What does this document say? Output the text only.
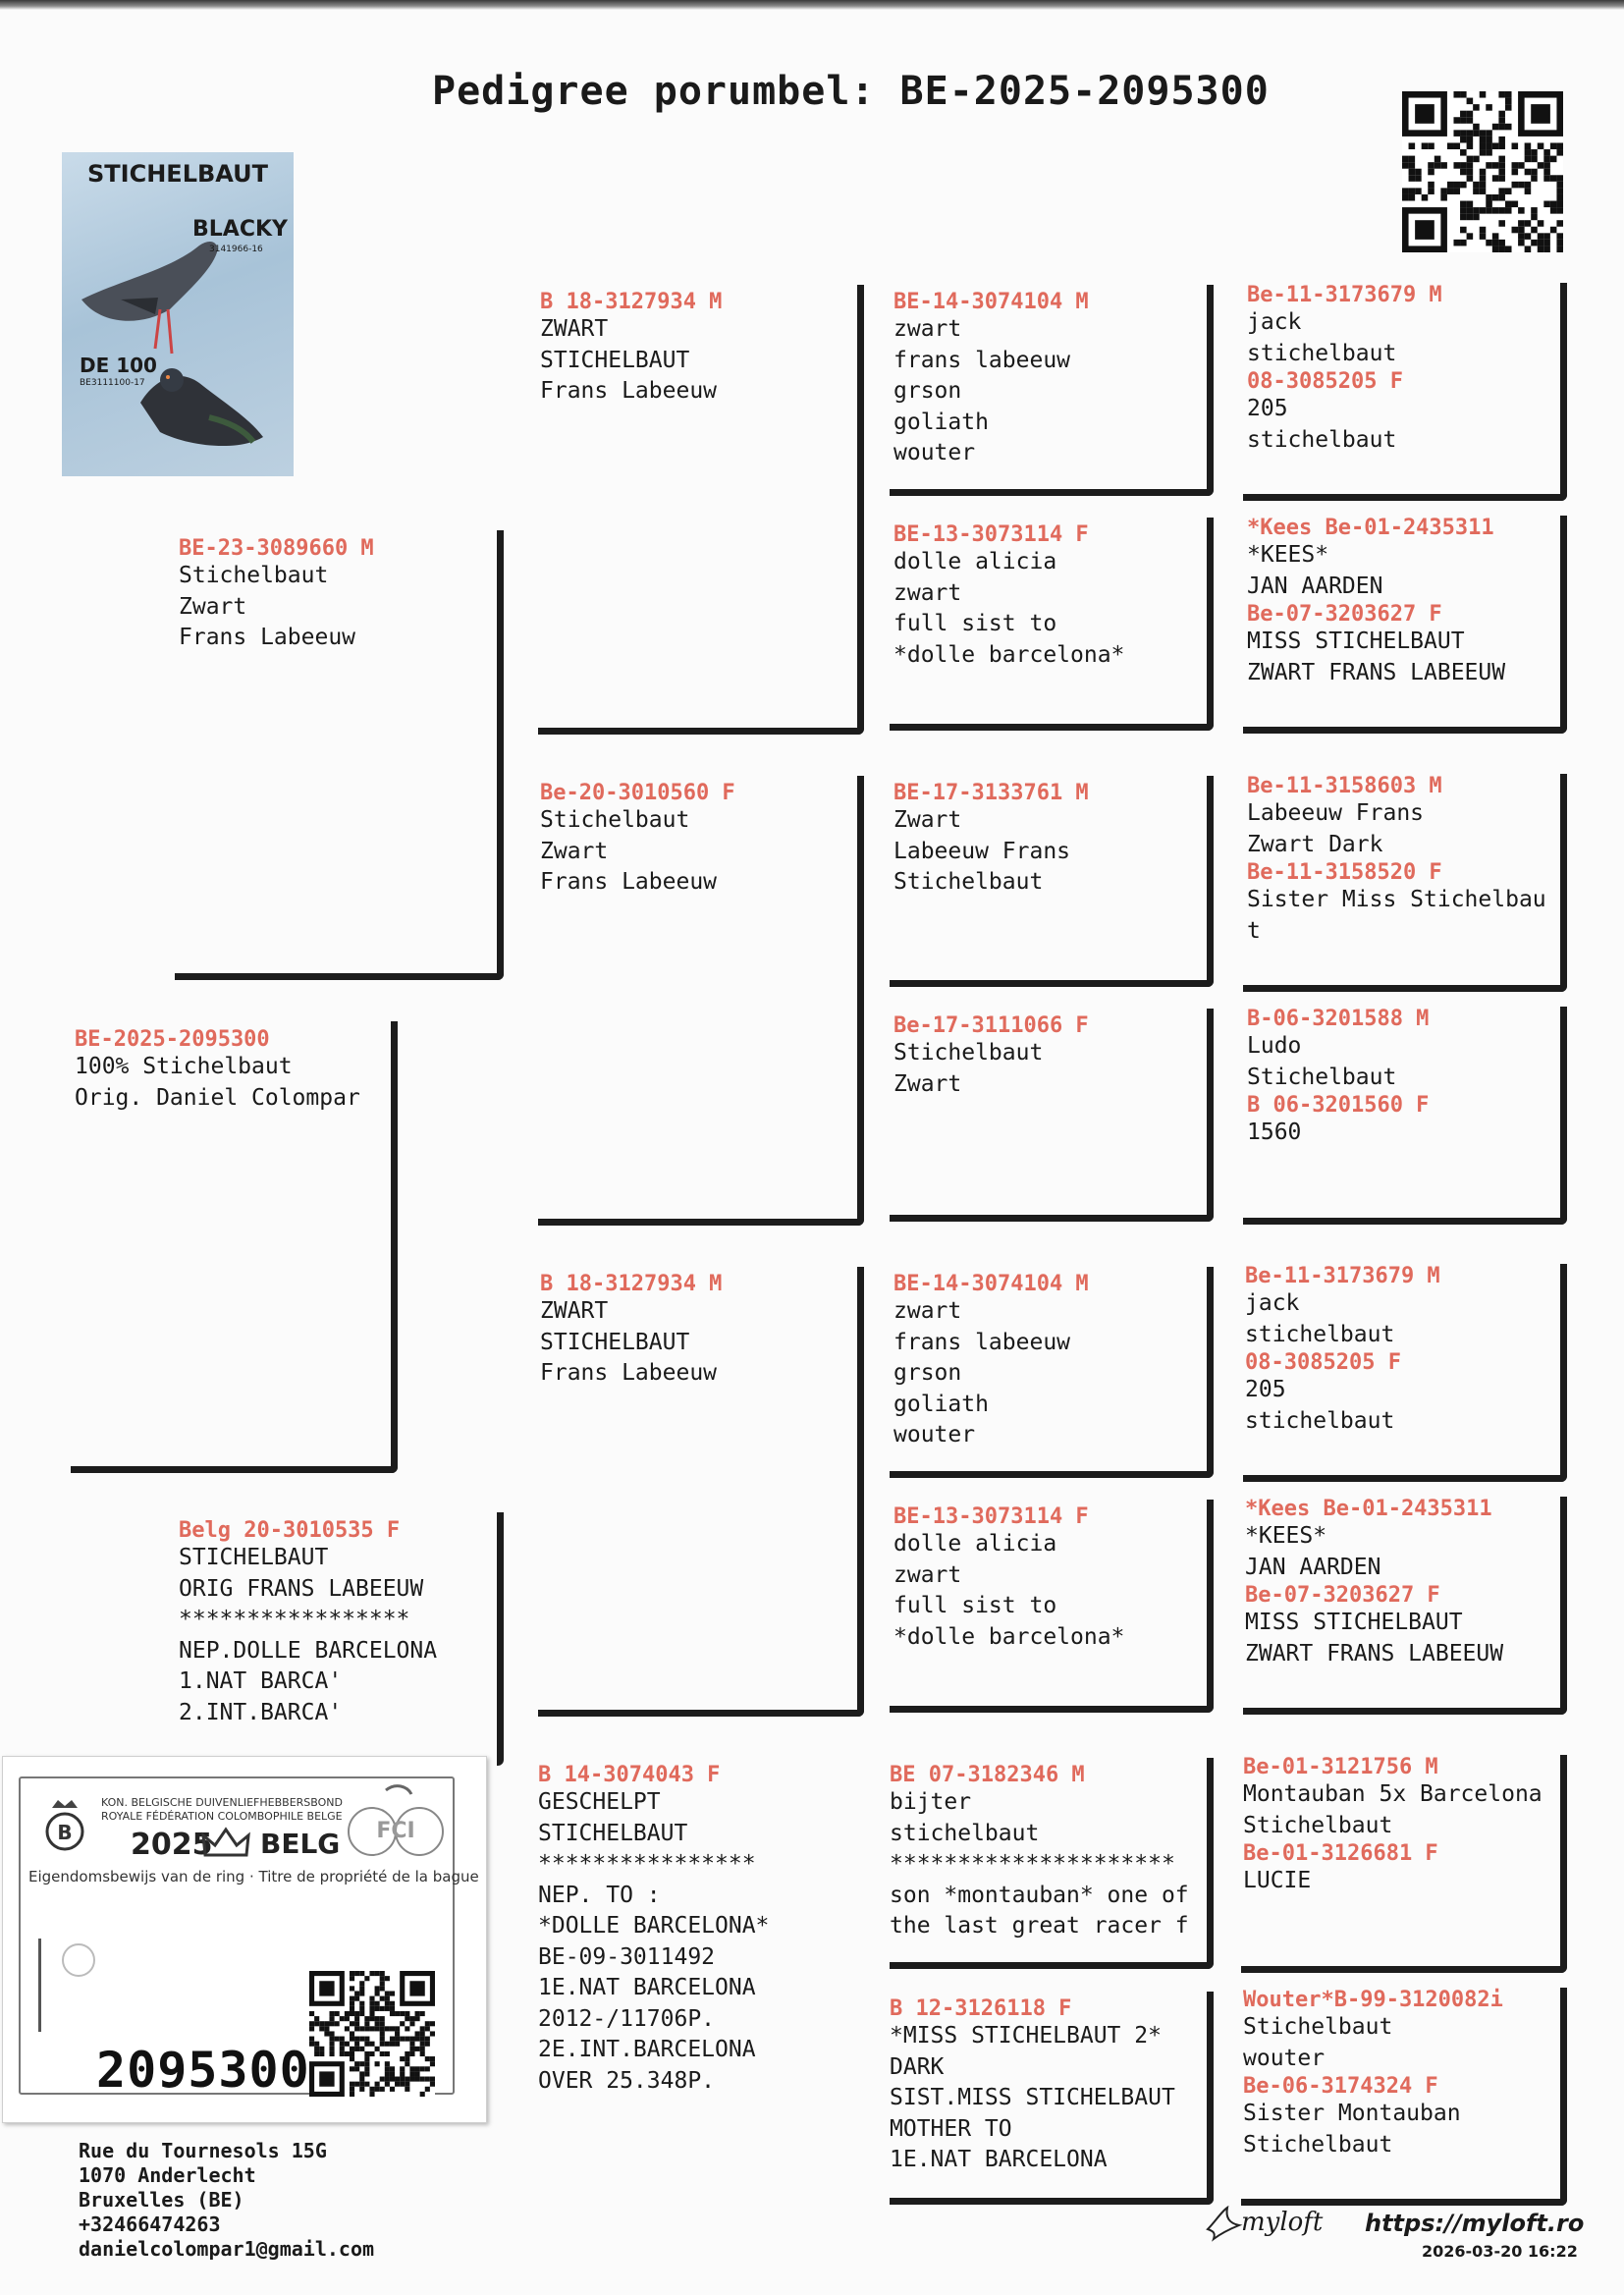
Pedigree porumbel: BE-2025-2095300
STICHELBAUT
BLACKY
3141966-16
DE 100
BE3111100-17
BE-2025-2095300
100% Stichelbaut
Orig. Daniel Colompar
BE-23-3089660 M
Stichelbaut
Zwart
Frans Labeeuw
Belg 20-3010535 F
STICHELBAUT
ORIG FRANS LABEEUW
*****************
NEP.DOLLE BARCELONA
1.NAT BARCA'
2.INT.BARCA'
B 18-3127934 M
ZWART
STICHELBAUT
Frans Labeeuw
Be-20-3010560 F
Stichelbaut
Zwart
Frans Labeeuw
B 18-3127934 M
ZWART
STICHELBAUT
Frans Labeeuw
B 14-3074043 F
GESCHELPT
STICHELBAUT
****************
NEP. TO :
*DOLLE BARCELONA*
BE-09-3011492
1E.NAT BARCELONA
2012-/11706P.
2E.INT.BARCELONA
OVER 25.348P.
BE-14-3074104 M
zwart
frans labeeuw
grson
goliath
wouter
BE-13-3073114 F
dolle alicia
zwart
full sist to
*dolle barcelona*
BE-17-3133761 M
Zwart
Labeeuw Frans
Stichelbaut
Be-17-3111066 F
Stichelbaut
Zwart
BE-14-3074104 M
zwart
frans labeeuw
grson
goliath
wouter
BE-13-3073114 F
dolle alicia
zwart
full sist to
*dolle barcelona*
BE 07-3182346 M
bijter
stichelbaut
*********************
son *montauban* one of
the last great racer f
B 12-3126118 F
*MISS STICHELBAUT 2*
DARK
SIST.MISS STICHELBAUT
MOTHER TO
1E.NAT BARCELONA
Be-11-3173679 M
jack
stichelbaut
08-3085205 F
205
stichelbaut
*Kees Be-01-2435311
*KEES*
JAN AARDEN
Be-07-3203627 F
MISS STICHELBAUT
ZWART FRANS LABEEUW
Be-11-3158603 M
Labeeuw Frans
Zwart Dark
Be-11-3158520 F
Sister Miss Stichelbau
t
B-06-3201588 M
Ludo
Stichelbaut
B 06-3201560 F
1560
Be-11-3173679 M
jack
stichelbaut
08-3085205 F
205
stichelbaut
*Kees Be-01-2435311
*KEES*
JAN AARDEN
Be-07-3203627 F
MISS STICHELBAUT
ZWART FRANS LABEEUW
Be-01-3121756 M
Montauban 5x Barcelona
Stichelbaut
Be-01-3126681 F
LUCIE
Wouter*B-99-3120082i
Stichelbaut
wouter
Be-06-3174324 F
Sister Montauban
Stichelbaut
B
KON. BELGISCHE DUIVENLIEFHEBBERSBOND
ROYALE FÉDÉRATION COLOMBOPHILE BELGE
2025 BELG FCI
Eigendomsbewijs van de ring · Titre de propriété de la bague
2095300
Rue du Tournesols 15G
1070 Anderlecht
Bruxelles (BE)
+32466474263
danielcolompar1@gmail.com
myloft https://myloft.ro
2026-03-20 16:22
